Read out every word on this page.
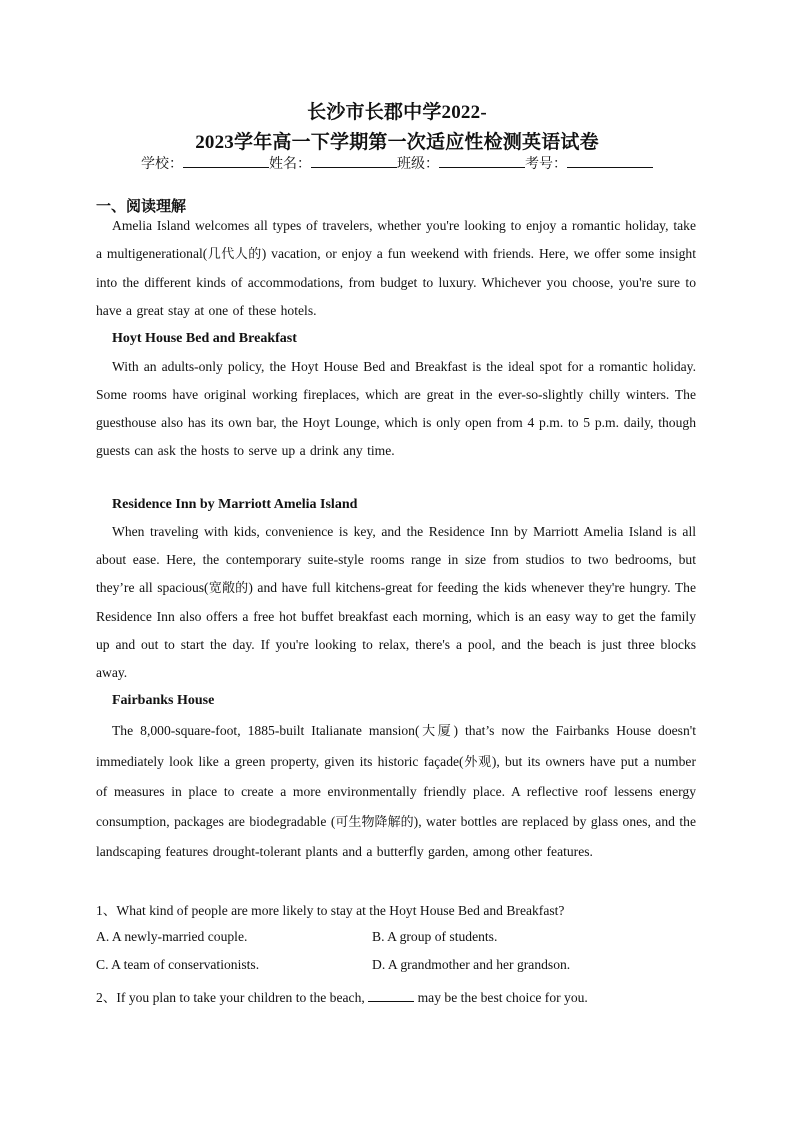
长沙市长郡中学2022-
2023学年高一下学期第一次适应性检测英语试卷
学校：	姓名：	班级：	考号：
一、阅读理解
Amelia Island welcomes all types of travelers, whether you're looking to enjoy a romantic holiday, take a multigenerational(几代人的) vacation, or enjoy a fun weekend with friends. Here, we offer some insight into the different kinds of accommodations, from budget to luxury. Whichever you choose, you're sure to have a great stay at one of these hotels.
Hoyt House Bed and Breakfast
With an adults-only policy, the Hoyt House Bed and Breakfast is the ideal spot for a romantic holiday. Some rooms have original working fireplaces, which are great in the ever-so-slightly chilly winters. The guesthouse also has its own bar, the Hoyt Lounge, which is only open from 4 p.m. to 5 p.m. daily, though guests can ask the hosts to serve up a drink any time.
Residence Inn by Marriott Amelia Island
When traveling with kids, convenience is key, and the Residence Inn by Marriott Amelia Island is all about ease. Here, the contemporary suite-style rooms range in size from studios to two bedrooms, but they’re all spacious(宽敞的) and have full kitchens-great for feeding the kids whenever they're hungry. The Residence Inn also offers a free hot buffet breakfast each morning, which is an easy way to get the family up and out to start the day. If you're looking to relax, there's a pool, and the beach is just three blocks away.
Fairbanks House
The 8,000-square-foot, 1885-built Italianate mansion(大厦) that’s now the Fairbanks House doesn't immediately look like a green property, given its historic façade(外观), but its owners have put a number of measures in place to create a more environmentally friendly place. A reflective roof lessens energy consumption, packages are biodegradable (可生物降解的), water bottles are replaced by glass ones, and the landscaping features drought-tolerant plants and a butterfly garden, among other features.
1、What kind of people are more likely to stay at the Hoyt House Bed and Breakfast?
A. A newly-married couple.	B. A group of students.
C. A team of conservationists.	D. A grandmother and her grandson.
2、If you plan to take your children to the beach,	may be the best choice for you.
